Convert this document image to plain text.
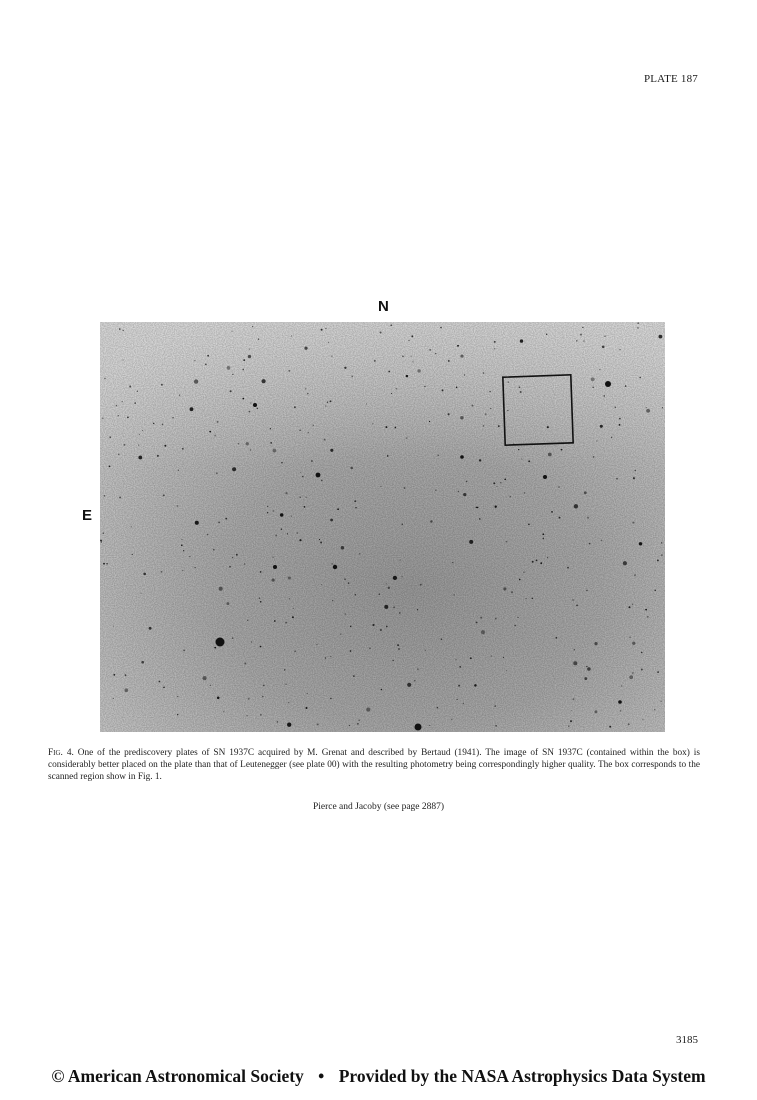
PLATE 187
N
E
Fig. 4. One of the prediscovery plates of SN 1937C acquired by M. Grenat and described by Bertaud (1941). The image of SN 1937C (contained within the box) is considerably better placed on the plate than that of Leutenegger (see plate 00) with the resulting photometry being correspondingly higher quality. The box corresponds to the scanned region show in Fig. 1.
Pierce and Jacoby (see page 2887)
3185
© American Astronomical Society • Provided by the NASA Astrophysics Data System
